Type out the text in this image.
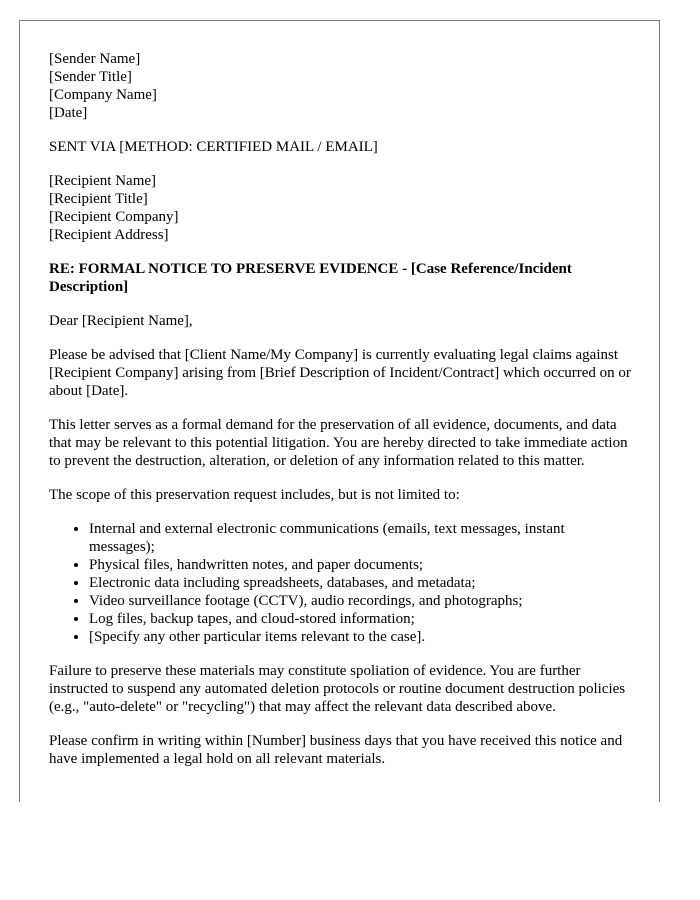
[Sender Name]
[Sender Title]
[Company Name]
[Date]

SENT VIA [METHOD: CERTIFIED MAIL / EMAIL]

[Recipient Name]
[Recipient Title]
[Recipient Company]
[Recipient Address]

RE: FORMAL NOTICE TO PRESERVE EVIDENCE - [Case Reference/Incident Description]

Dear [Recipient Name],

Please be advised that [Client Name/My Company] is currently evaluating legal claims against [Recipient Company] arising from [Brief Description of Incident/Contract] which occurred on or about [Date].

This letter serves as a formal demand for the preservation of all evidence, documents, and data that may be relevant to this potential litigation. You are hereby directed to take immediate action to prevent the destruction, alteration, or deletion of any information related to this matter.

The scope of this preservation request includes, but is not limited to:

• Internal and external electronic communications (emails, text messages, instant messages);
• Physical files, handwritten notes, and paper documents;
• Electronic data including spreadsheets, databases, and metadata;
• Video surveillance footage (CCTV), audio recordings, and photographs;
• Log files, backup tapes, and cloud-stored information;
• [Specify any other particular items relevant to the case].

Failure to preserve these materials may constitute spoliation of evidence. You are further instructed to suspend any automated deletion protocols or routine document destruction policies (e.g., "auto-delete" or "recycling") that may affect the relevant data described above.

Please confirm in writing within [Number] business days that you have received this notice and have implemented a legal hold on all relevant materials.
